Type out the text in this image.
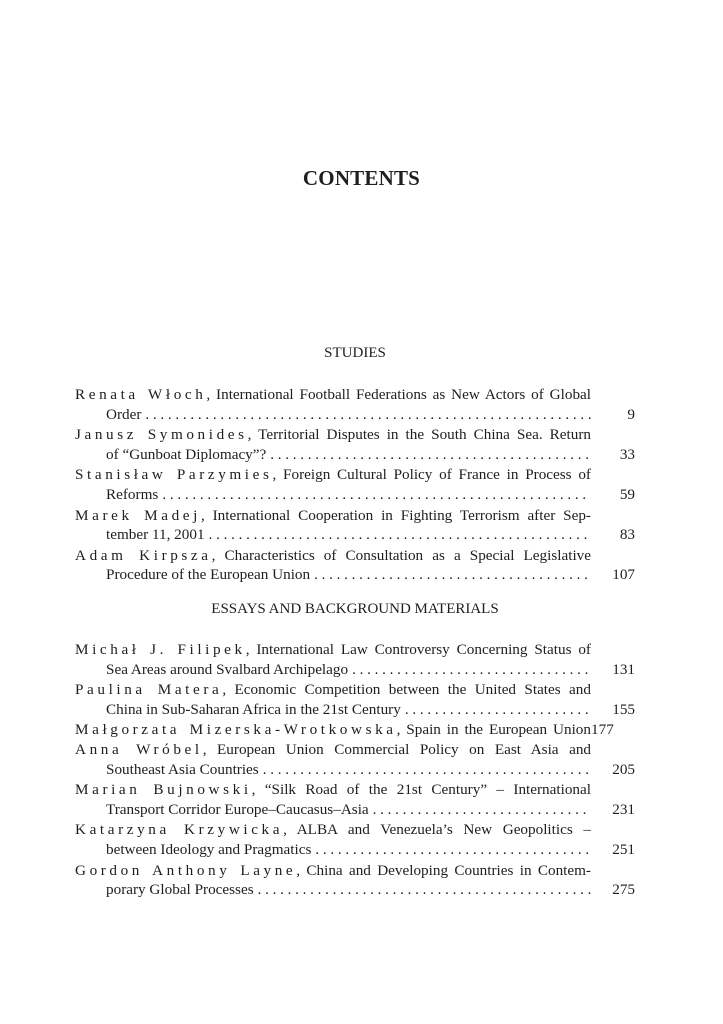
CONTENTS
STUDIES
Renata Włoch, International Football Federations as New Actors of Global
Order . . .	9
Janusz Symonides, Territorial Disputes in the South China Sea. Return
of “Gunboat Diplomacy”? . . .	33
Stanisław Parzymies, Foreign Cultural Policy of France in Process of
Reforms . . .	59
Marek Madej, International Cooperation in Fighting Terrorism after Sep-
tember 11, 2001 . . .	83
Adam Kirpsza, Characteristics of Consultation as a Special Legislative
Procedure of the European Union . . .	107
ESSAYS AND BACKGROUND MATERIALS
Michał J. Filipek, International Law Controversy Concerning Status of
Sea Areas around Svalbard Archipelago . . .	131
Paulina Matera, Economic Competition between the United States and
China in Sub-Saharan Africa in the 21st Century . . .	155
Małgorzata Mizerska-Wrotkowska, Spain in the European Union 177
Anna Wróbel, European Union Commercial Policy on East Asia and
Southeast Asia Countries . . .	205
Marian Bujnowski, “Silk Road of the 21st Century” – International
Transport Corridor Europe–Caucasus–Asia . . .	231
Katarzyna Krzywicka, ALBA and Venezuela’s New Geopolitics –
between Ideology and Pragmatics . . .	251
Gordon Anthony Layne, China and Developing Countries in Contem-
porary Global Processes . . .	275
